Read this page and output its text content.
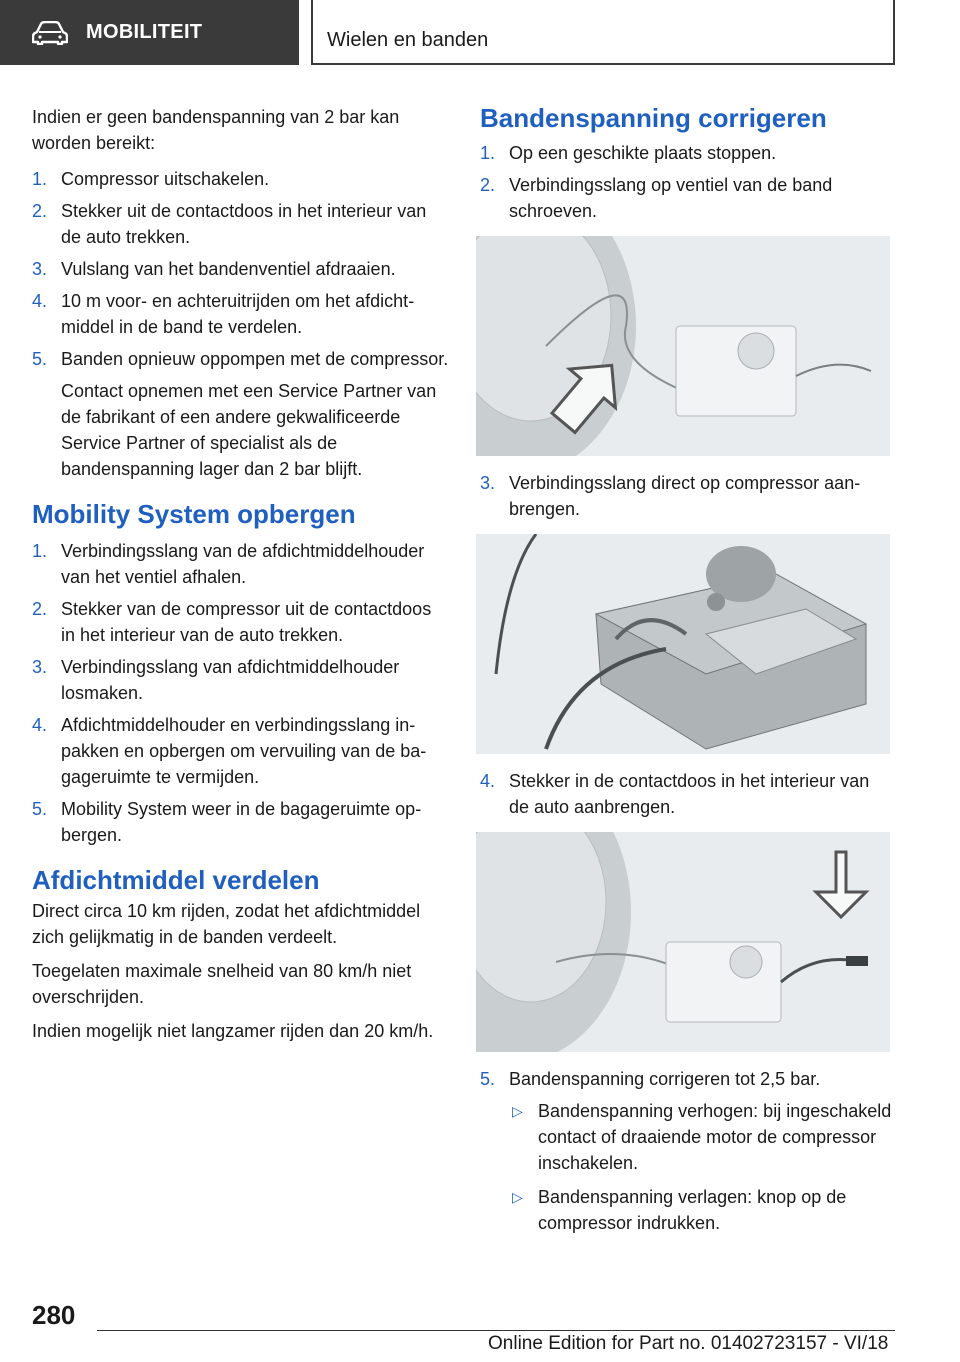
MOBILITEIT	Wielen en banden

Indien er geen bandenspanning van 2 bar kan worden bereikt:

1. Compressor uitschakelen.
2. Stekker uit de contactdoos in het interieur van de auto trekken.
3. Vulslang van het bandenventiel afdraaien.
4. 10 m voor- en achteruitrijden om het afdichtmiddel in de band te verdelen.
5. Banden opnieuw oppompen met de compressor.
Contact opnemen met een Service Partner van de fabrikant of een andere gekwalificeerde Service Partner of specialist als de bandenspanning lager dan 2 bar blijft.
Mobility System opbergen
1. Verbindingsslang van de afdichtmiddelhouder van het ventiel afhalen.
2. Stekker van de compressor uit de contactdoos in het interieur van de auto trekken.
3. Verbindingsslang van afdichtmiddelhouder losmaken.
4. Afdichtmiddelhouder en verbindingsslang inpakken en opbergen om vervuiling van de bagageruimte te vermijden.
5. Mobility System weer in de bagageruimte opbergen.
Afdichtmiddel verdelen

Direct circa 10 km rijden, zodat het afdichtmiddel zich gelijkmatig in de banden verdeelt.

Toegelaten maximale snelheid van 80 km/h niet overschrijden.

Indien mogelijk niet langzamer rijden dan 20 km/h.

Bandenspanning corrigeren
1. Op een geschikte plaats stoppen.
2. Verbindingsslang op ventiel van de band schroeven.
3. Verbindingsslang direct op compressor aanbrengen.
4. Stekker in de contactdoos in het interieur van de auto aanbrengen.
5. Bandenspanning corrigeren tot 2,5 bar.
▷ Bandenspanning verhogen: bij ingeschakeld contact of draaiende motor de compressor inschakelen.
▷ Bandenspanning verlagen: knop op de compressor indrukken.
280
Online Edition for Part no. 01402723157 - VI/18
